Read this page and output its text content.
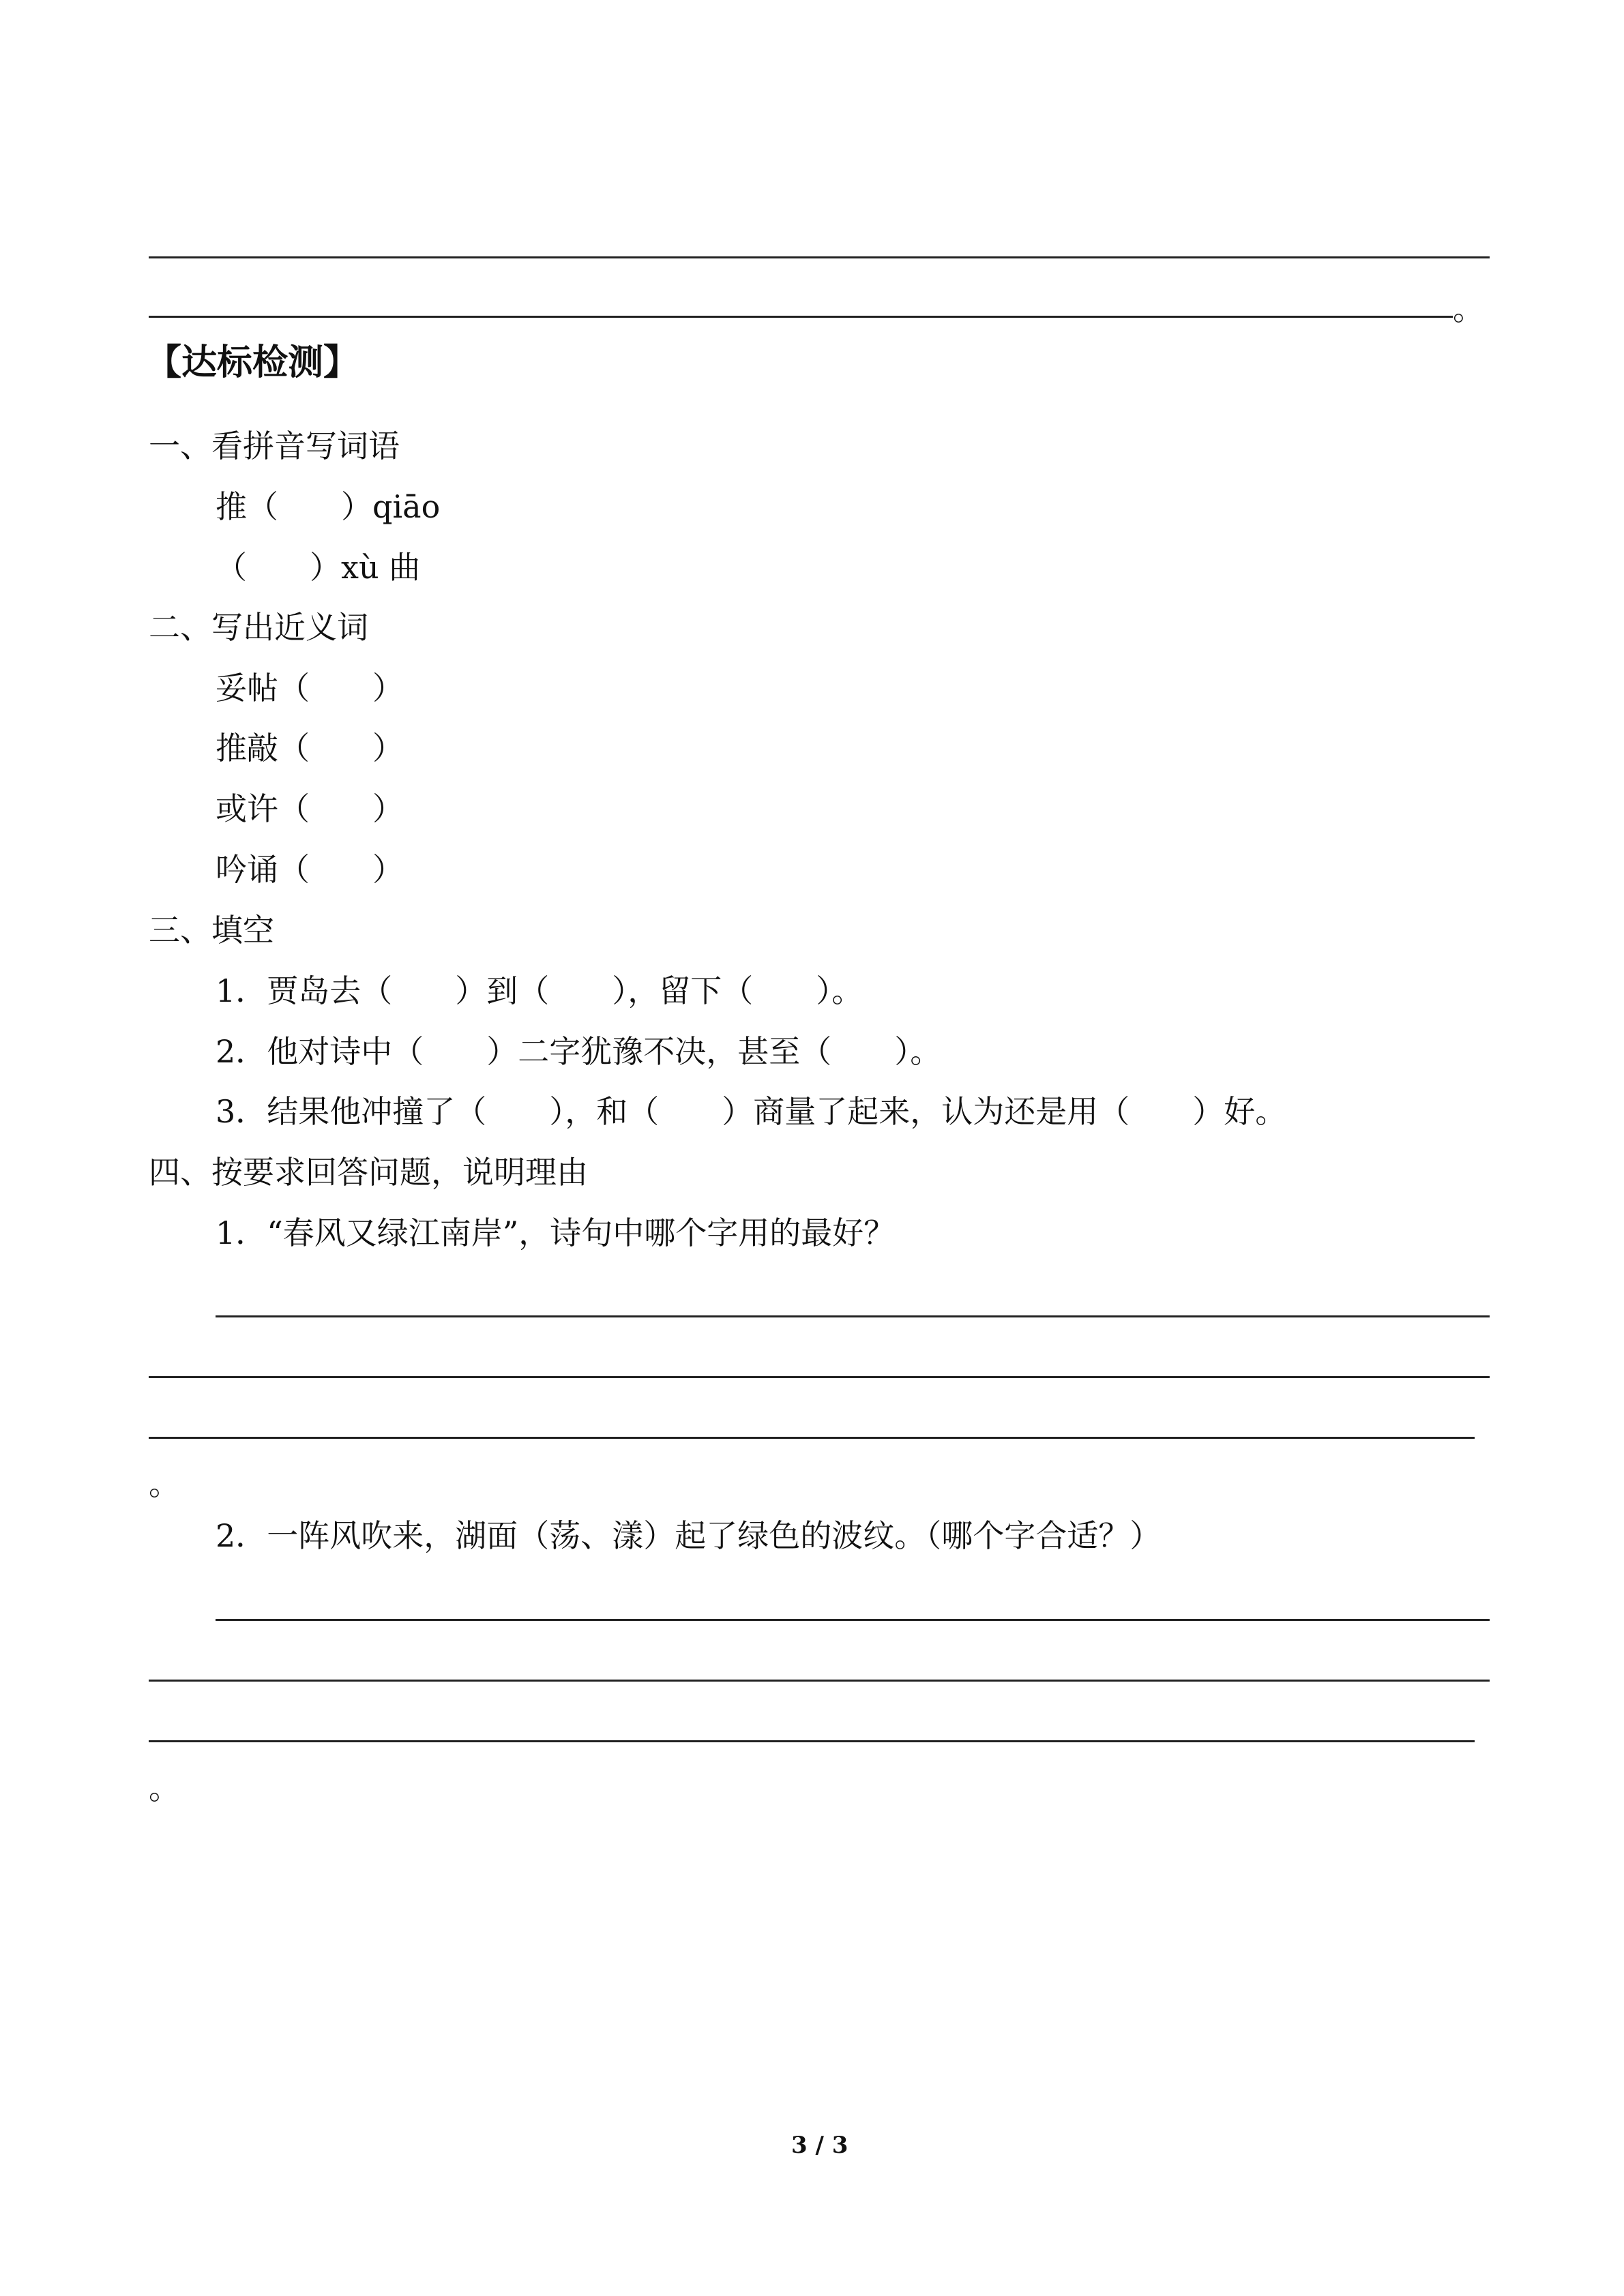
。
【达标检测】
一、看拼音写词语
推（　　）qiāo
（　　）xù 曲
二、写出近义词
妥帖（　　）
推敲（　　）
或许（　　）
吟诵（　　）
三、填空
1．贾岛去（　　）到（　　），留下（　　）。
2．他对诗中（　　）二字犹豫不决，甚至（　　）。
3．结果他冲撞了（　　），和（　　）商量了起来，认为还是用（　　）好。
四、按要求回答问题，说明理由
1．“春风又绿江南岸”，诗句中哪个字用的最好？
。
2．一阵风吹来，湖面（荡、漾）起了绿色的波纹。（哪个字合适？）
。
3 / 3
